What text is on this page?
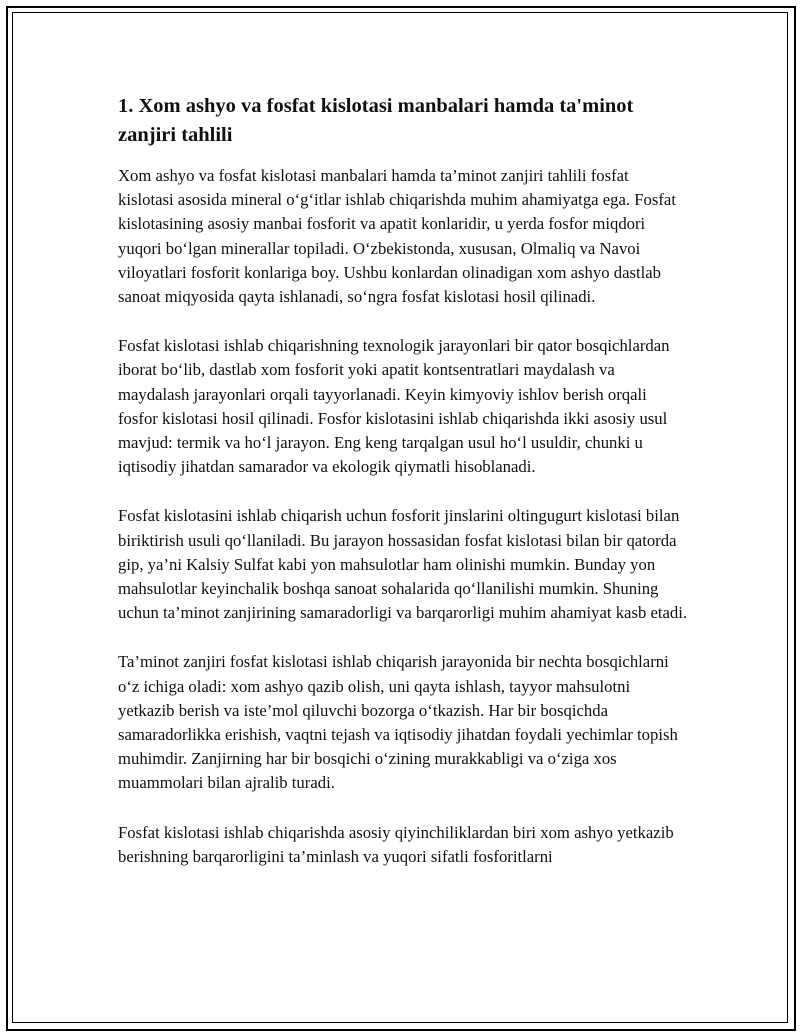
1. Xom ashyo va fosfat kislotasi manbalari hamda ta'minot zanjiri tahlili

Xom ashyo va fosfat kislotasi manbalari hamda ta’minot zanjiri tahlili fosfat kislotasi asosida mineral o‘g‘itlar ishlab chiqarishda muhim ahamiyatga ega. Fosfat kislotasining asosiy manbai fosforit va apatit konlaridir, u yerda fosfor miqdori yuqori bo‘lgan minerallar topiladi. O‘zbekistonda, xususan, Olmaliq va Navoi viloyatlari fosforit konlariga boy. Ushbu konlardan olinadigan xom ashyo dastlab sanoat miqyosida qayta ishlanadi, so‘ngra fosfat kislotasi hosil qilinadi.

Fosfat kislotasi ishlab chiqarishning texnologik jarayonlari bir qator bosqichlardan iborat bo‘lib, dastlab xom fosforit yoki apatit kontsentratlari maydalash va maydalash jarayonlari orqali tayyorlanadi. Keyin kimyoviy ishlov berish orqali fosfor kislotasi hosil qilinadi. Fosfor kislotasini ishlab chiqarishda ikki asosiy usul mavjud: termik va ho‘l jarayon. Eng keng tarqalgan usul ho‘l usuldir, chunki u iqtisodiy jihatdan samarador va ekologik qiymatli hisoblanadi.

Fosfat kislotasini ishlab chiqarish uchun fosforit jinslarini oltingugurt kislotasi bilan biriktirish usuli qo‘llaniladi. Bu jarayon hossasidan fosfat kislotasi bilan bir qatorda gip, ya’ni Kalsiy Sulfat kabi yon mahsulotlar ham olinishi mumkin. Bunday yon mahsulotlar keyinchalik boshqa sanoat sohalarida qo‘llanilishi mumkin. Shuning uchun ta’minot zanjirining samaradorligi va barqarorligi muhim ahamiyat kasb etadi.

Ta’minot zanjiri fosfat kislotasi ishlab chiqarish jarayonida bir nechta bosqichlarni o‘z ichiga oladi: xom ashyo qazib olish, uni qayta ishlash, tayyor mahsulotni yetkazib berish va iste’mol qiluvchi bozorga o‘tkazish. Har bir bosqichda samaradorlikka erishish, vaqtni tejash va iqtisodiy jihatdan foydali yechimlar topish muhimdir. Zanjirning har bir bosqichi o‘zining murakkabligi va o‘ziga xos muammolari bilan ajralib turadi.

Fosfat kislotasi ishlab chiqarishda asosiy qiyinchiliklardan biri xom ashyo yetkazib berishning barqarorligini ta’minlash va yuqori sifatli fosforitlarni
